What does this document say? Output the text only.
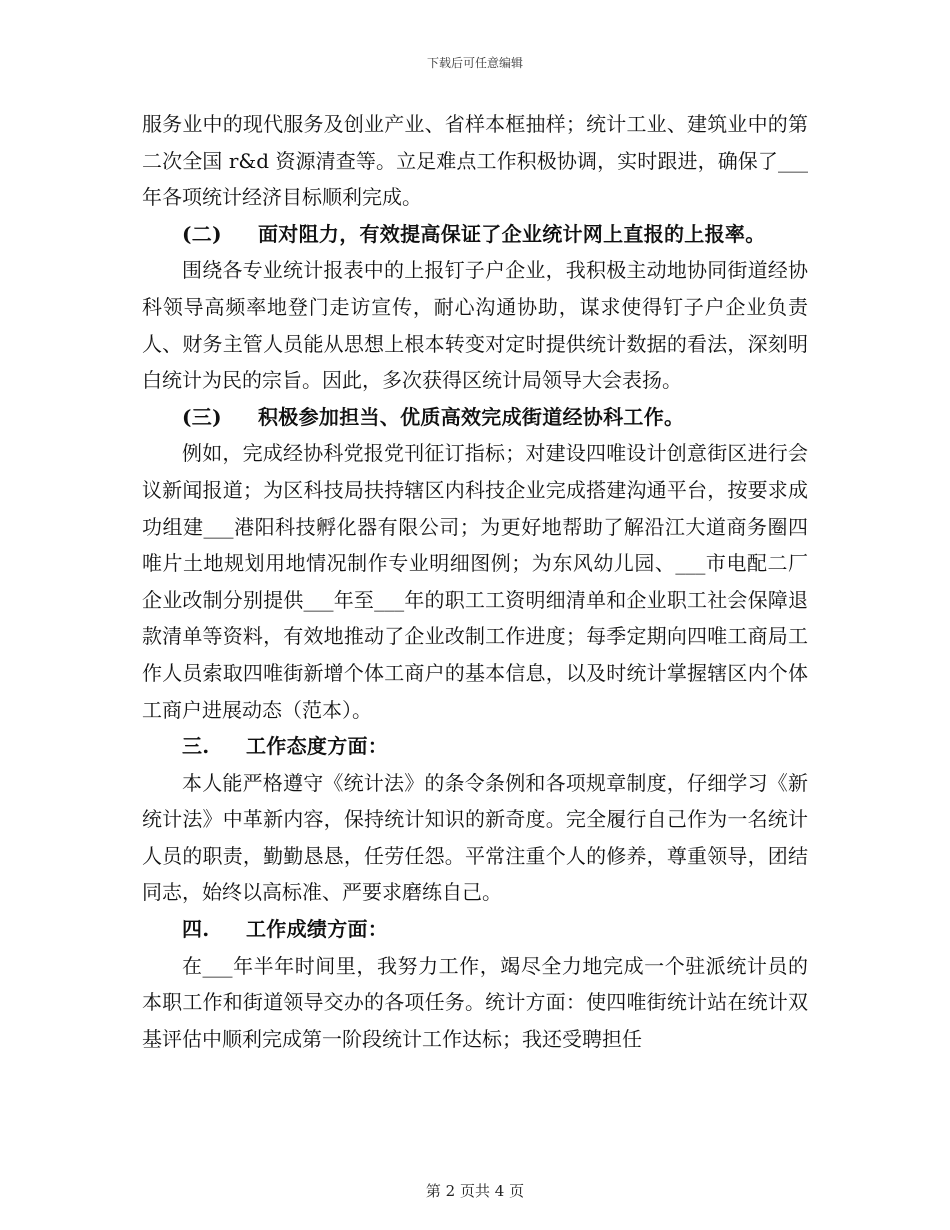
下载后可任意编辑

服务业中的现代服务及创业产业、省样本框抽样；统计工业、建筑业中的第二次全国 r&d 资源清查等。立足难点工作积极协调，实时跟进，确保了___年各项统计经济目标顺利完成。

(二) 面对阻力，有效提高保证了企业统计网上直报的上报率。

围绕各专业统计报表中的上报钉子户企业，我积极主动地协同街道经协科领导高频率地登门走访宣传，耐心沟通协助，谋求使得钉子户企业负责人、财务主管人员能从思想上根本转变对定时提供统计数据的看法，深刻明白统计为民的宗旨。因此，多次获得区统计局领导大会表扬。

(三) 积极参加担当、优质高效完成街道经协科工作。

例如，完成经协科党报党刊征订指标；对建设四唯设计创意街区进行会议新闻报道；为区科技局扶持辖区内科技企业完成搭建沟通平台，按要求成功组建___港阳科技孵化器有限公司；为更好地帮助了解沿江大道商务圈四唯片土地规划用地情况制作专业明细图例；为东风幼儿园、___市电配二厂企业改制分别提供___年至___年的职工工资明细清单和企业职工社会保障退款清单等资料，有效地推动了企业改制工作进度；每季定期向四唯工商局工作人员索取四唯街新增个体工商户的基本信息，以及时统计掌握辖区内个体工商户进展动态（范本）。

三. 工作态度方面：

本人能严格遵守《统计法》的条令条例和各项规章制度，仔细学习《新统计法》中革新内容，保持统计知识的新奇度。完全履行自己作为一名统计人员的职责，勤勤恳恳，任劳任怨。平常注重个人的修养，尊重领导，团结同志，始终以高标准、严要求磨练自己。

四. 工作成绩方面：

在___年半年时间里，我努力工作，竭尽全力地完成一个驻派统计员的本职工作和街道领导交办的各项任务。统计方面：使四唯街统计站在统计双基评估中顺利完成第一阶段统计工作达标；我还受聘担任

第 2 页共 4 页
